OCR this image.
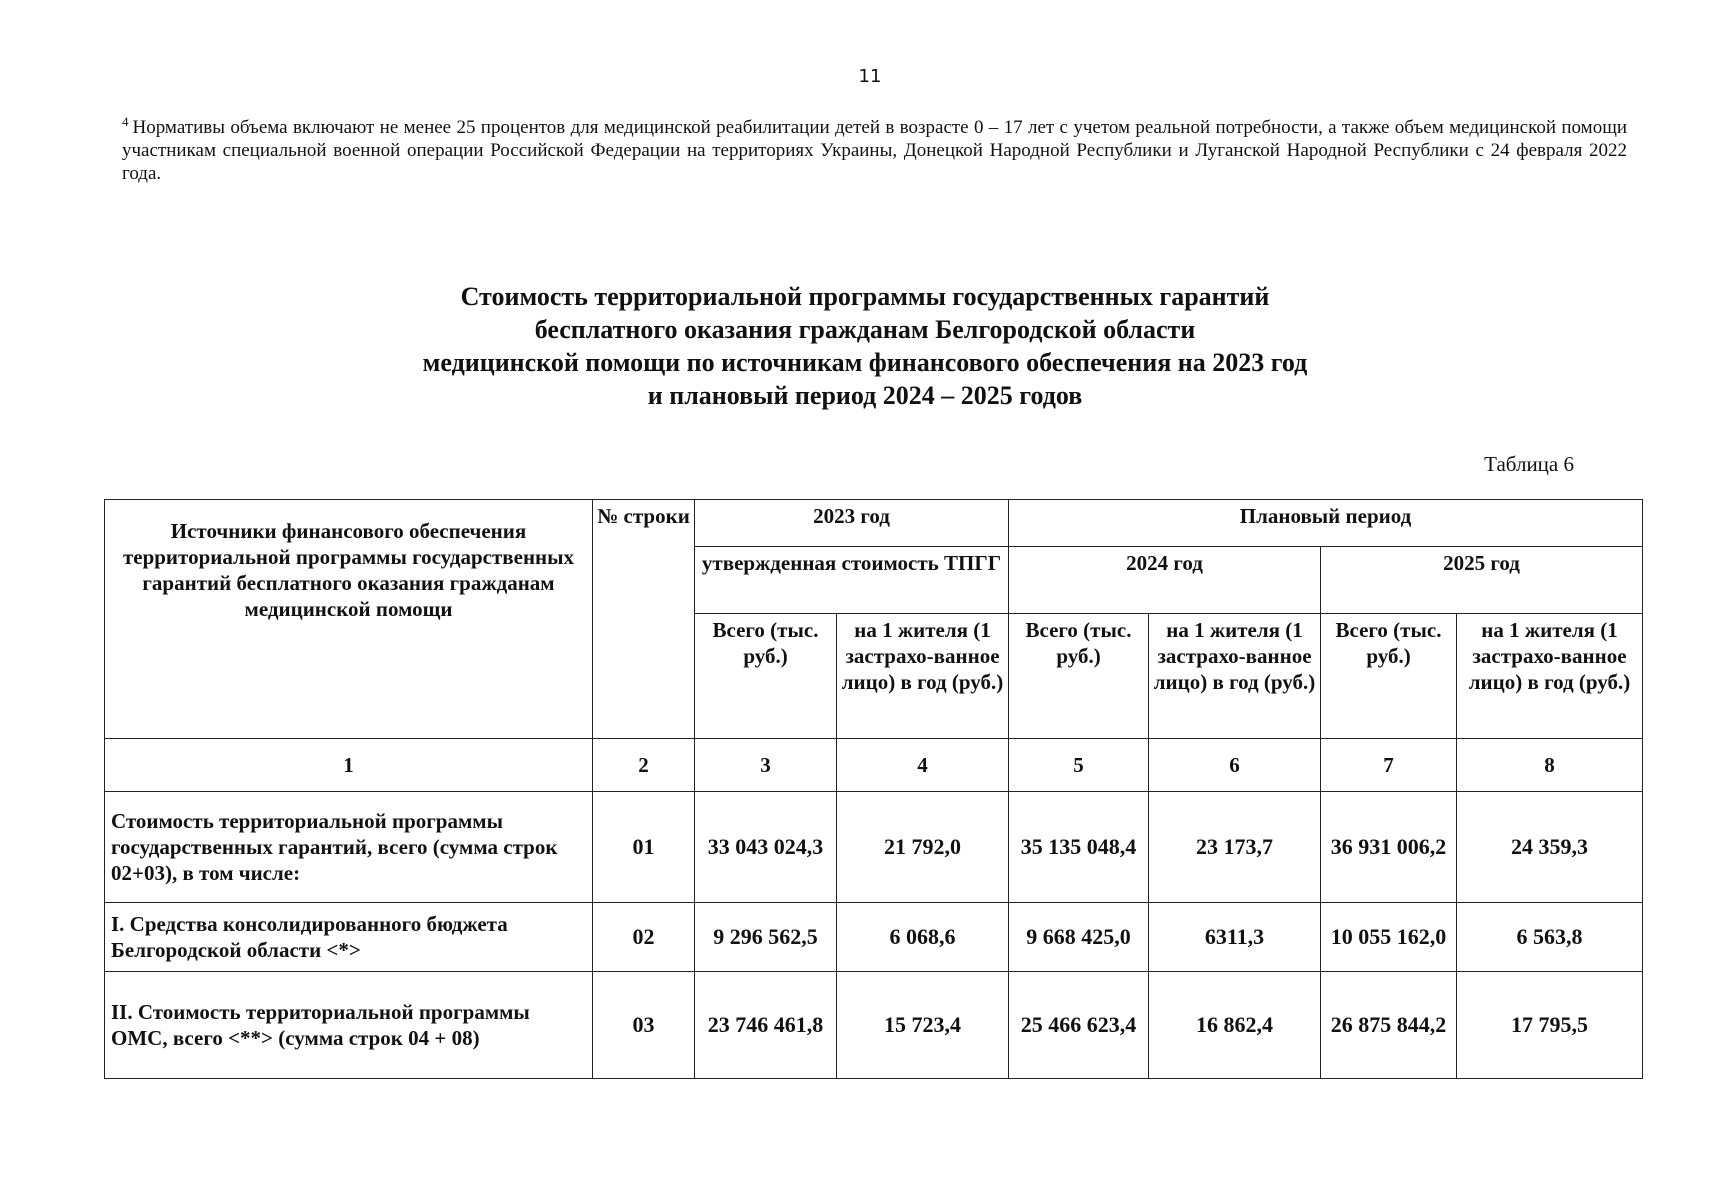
11
$^4$ Нормативы объема включают не менее 25 процентов для медицинской реабилитации детей в возрасте 0 – 17 лет с учетом реальной потребности, а также объем медицинской помощи участникам специальной военной операции Российской Федерации на территориях Украины, Донецкой Народной Республики и Луганской Народной Республики с 24 февраля 2022 года.
Стоимость территориальной программы государственных гарантий
бесплатного оказания гражданам Белгородской области
медицинской помощи по источникам финансового обеспечения на 2023 год
и плановый период 2024 – 2025 годов
Таблица 6
Источники финансового обеспечения территориальной программы государственных гарантий бесплатного оказания гражданам медицинской помощи	№ строки	2023 год		Плановый период			
		утвержденная стоимость ТПГГ		2024 год		2025 год	
		Всего (тыс. руб.)	на 1 жителя (1 застрахо-ванное лицо) в год (руб.)	Всего (тыс. руб.)	на 1 жителя (1 застрахо-ванное лицо) в год (руб.)	Всего (тыс. руб.)	на 1 жителя (1 застрахо-ванное лицо) в год (руб.)
1	2	3	4	5	6	7	8
Стоимость территориальной программы государственных гарантий, всего (сумма строк 02+03), в том числе:	01	33 043 024,3	21 792,0	35 135 048,4	23 173,7	36 931 006,2	24 359,3
I. Средства консолидированного бюджета Белгородской области <*>	02	9 296 562,5	6 068,6	9 668 425,0	6311,3	10 055 162,0	6 563,8
II. Стоимость территориальной программы ОМС, всего <**> (сумма строк 04 + 08)	03	23 746 461,8	15 723,4	25 466 623,4	16 862,4	26 875 844,2	17 795,5
